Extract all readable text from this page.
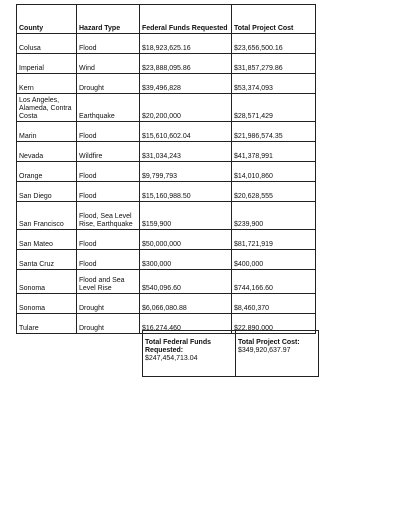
County	Hazard Type	Federal Funds Requested	Total Project Cost
Colusa	Flood	$18,923,625.16	$23,656,500.16
Imperial	Wind	$23,888,095.86	$31,857,279.86
Kern	Drought	$39,496,828	$53,374,093
Los Angeles, Alameda, Contra Costa	Earthquake	$20,200,000	$28,571,429
Marin	Flood	$15,610,602.04	$21,986,574.35
Nevada	Wildfire	$31,034,243	$41,378,991
Orange	Flood	$9,799,793	$14,010,860
San Diego	Flood	$15,160,988.50	$20,628,555
San Francisco	Flood, Sea Level Rise, Earthquake	$159,900	$239,900
San Mateo	Flood	$50,000,000	$81,721,919
Santa Cruz	Flood	$300,000	$400,000
Sonoma	Flood and Sea Level Rise	$540,096.60	$744,166.60
Sonoma	Drought	$6,066,080.88	$8,460,370
Tulare	Drought	$16,274,460	$22,890,000
Total Federal Funds Requested:
$247,454,713.04	
Total Project Cost:
$349,920,637.97
